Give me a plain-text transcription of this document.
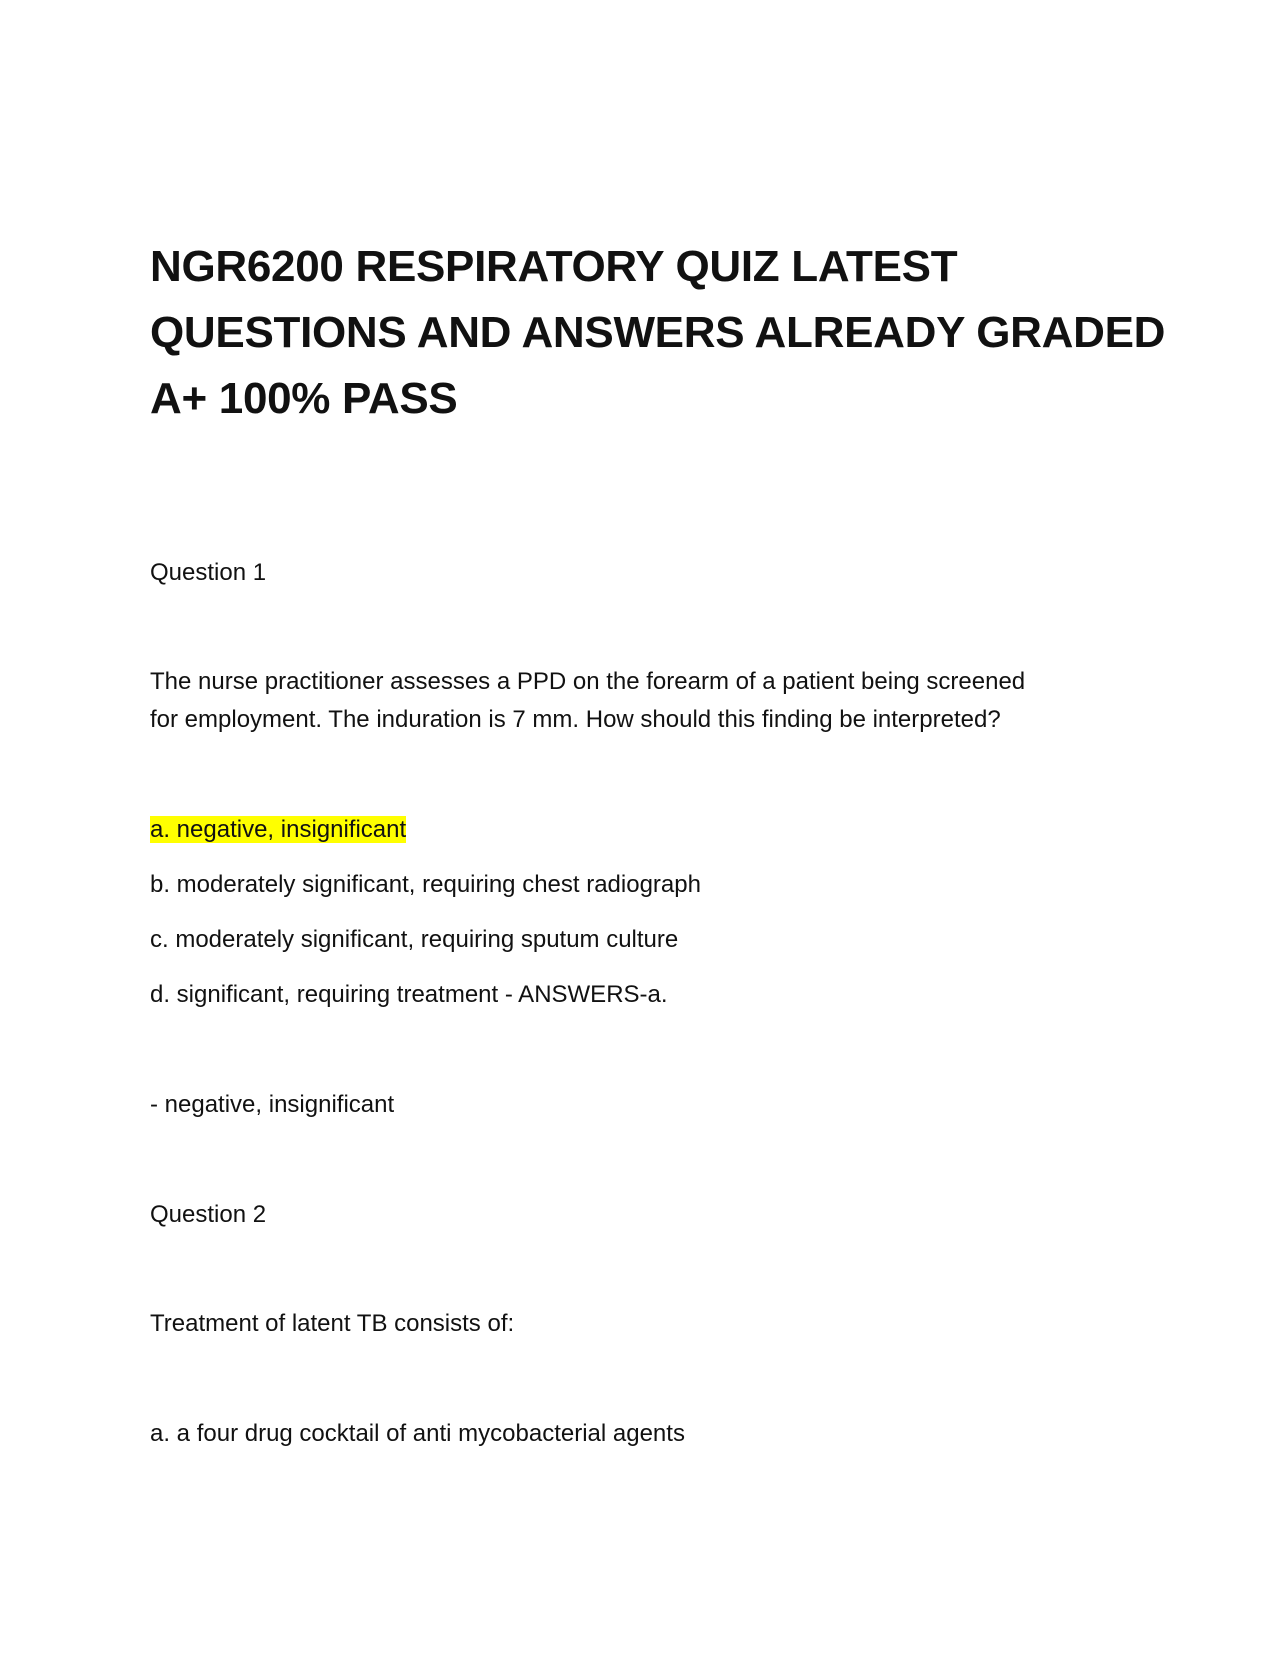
NGR6200 RESPIRATORY QUIZ LATEST
QUESTIONS AND ANSWERS ALREADY GRADED
A+ 100% PASS

Question 1

The nurse practitioner assesses a PPD on the forearm of a patient being screened

for employment. The induration is 7 mm. How should this finding be interpreted?

a. negative, insignificant

b. moderately significant, requiring chest radiograph

c. moderately significant, requiring sputum culture

d. significant, requiring treatment - ANSWERS-a.

- negative, insignificant

Question 2

Treatment of latent TB consists of:

a. a four drug cocktail of anti mycobacterial agents
